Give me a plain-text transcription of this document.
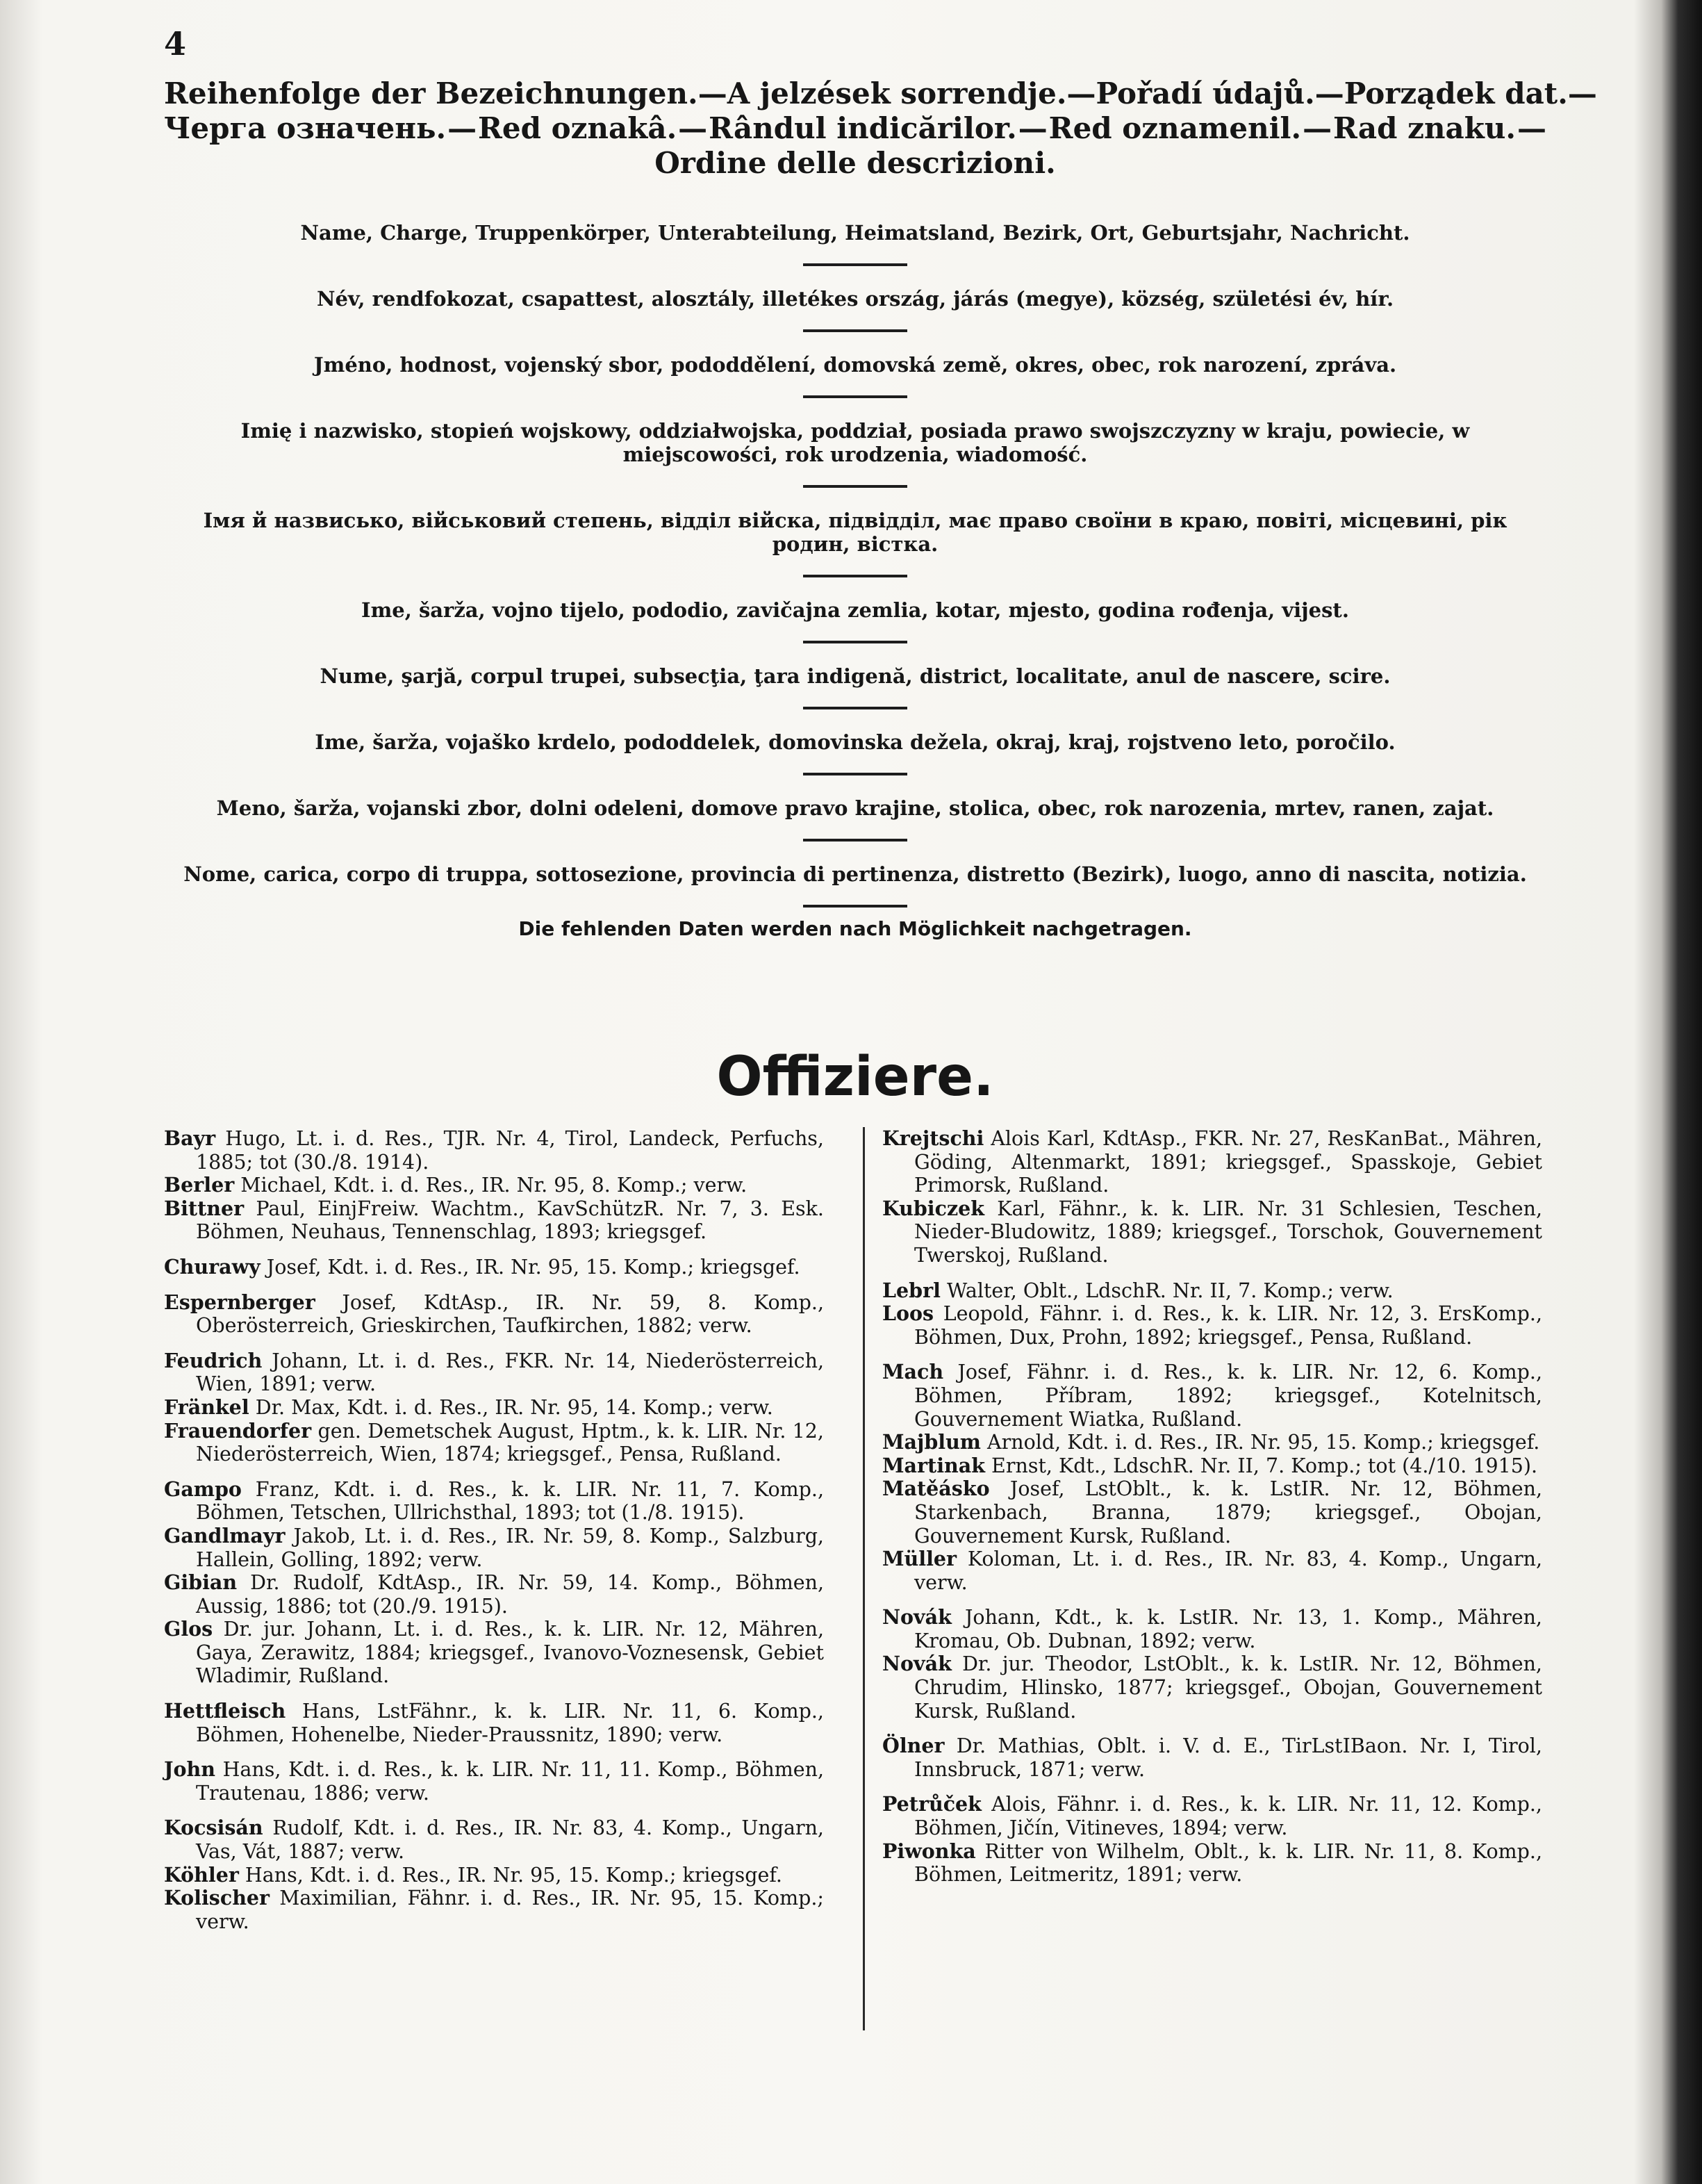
4
Reihenfolge der Bezeichnungen. — A jelzések sorrendje. — Pořadí údajů. — Porządek dat. —
Черга означень. — Red oznakâ. — Rândul indicărilor. — Red oznamenil. — Rad znaku. —
Ordine delle descrizioni.

Name, Charge, Truppenkörper, Unterabteilung, Heimatsland, Bezirk, Ort, Geburtsjahr, Nachricht.

Név, rendfokozat, csapattest, alosztály, illetékes ország, járás (megye), község, születési év, hír.

Jméno, hodnost, vojenský sbor, pododdělení, domovská země, okres, obec, rok narození, zpráva.

Imię i nazwisko, stopień wojskowy, oddziałwojska, poddział, posiada prawo swojszczyzny w kraju, powiecie, w miejscowości, rok urodzenia, wiadomość.

Імя й назвисько, військовий степень, відділ війска, підвідділ, має право своїни в краю, повіті, місцевині, рік родин, вістка.

Ime, šarža, vojno tijelo, pododio, zavičajna zemlia, kotar, mjesto, godina rođenja, vijest.

Nume, şarjă, corpul trupei, subsecţia, ţara indigenă, district, localitate, anul de nascere, scire.

Ime, šarža, vojaško krdelo, pododdelek, domovinska dežela, okraj, kraj, rojstveno leto, poročilo.

Meno, šarža, vojanski zbor, dolni odeleni, domove pravo krajine, stolica, obec, rok narozenia, mrtev, ranen, zajat.

Nome, carica, corpo di truppa, sottosezione, provincia di pertinenza, distretto (Bezirk), luogo, anno di nascita, notizia.

Die fehlenden Daten werden nach Möglichkeit nachgetragen.
Offiziere.

Bayr Hugo, Lt. i. d. Res., TJR. Nr. 4, Tirol, Landeck, Perfuchs, 1885; tot (30./8. 1914).

Berler Michael, Kdt. i. d. Res., IR. Nr. 95, 8. Komp.; verw.

Bittner Paul, EinjFreiw. Wachtm., KavSchützR. Nr. 7, 3. Esk. Böhmen, Neuhaus, Tennenschlag, 1893; kriegsgef.

Churawy Josef, Kdt. i. d. Res., IR. Nr. 95, 15. Komp.; kriegsgef.

Espernberger Josef, KdtAsp., IR. Nr. 59, 8. Komp., Oberösterreich, Grieskirchen, Taufkirchen, 1882; verw.

Feudrich Johann, Lt. i. d. Res., FKR. Nr. 14, Niederösterreich, Wien, 1891; verw.

Fränkel Dr. Max, Kdt. i. d. Res., IR. Nr. 95, 14. Komp.; verw.

Frauendorfer gen. Demetschek August, Hptm., k. k. LIR. Nr. 12, Niederösterreich, Wien, 1874; kriegsgef., Pensa, Rußland.

Gampo Franz, Kdt. i. d. Res., k. k. LIR. Nr. 11, 7. Komp., Böhmen, Tetschen, Ullrichsthal, 1893; tot (1./8. 1915).

Gandlmayr Jakob, Lt. i. d. Res., IR. Nr. 59, 8. Komp., Salzburg, Hallein, Golling, 1892; verw.

Gibian Dr. Rudolf, KdtAsp., IR. Nr. 59, 14. Komp., Böhmen, Aussig, 1886; tot (20./9. 1915).

Glos Dr. jur. Johann, Lt. i. d. Res., k. k. LIR. Nr. 12, Mähren, Gaya, Zerawitz, 1884; kriegsgef., Ivanovo-Voznesensk, Gebiet Wladimir, Rußland.

Hettfleisch Hans, LstFähnr., k. k. LIR. Nr. 11, 6. Komp., Böhmen, Hohenelbe, Nieder-Praussnitz, 1890; verw.

John Hans, Kdt. i. d. Res., k. k. LIR. Nr. 11, 11. Komp., Böhmen, Trautenau, 1886; verw.

Kocsisán Rudolf, Kdt. i. d. Res., IR. Nr. 83, 4. Komp., Ungarn, Vas, Vát, 1887; verw.

Köhler Hans, Kdt. i. d. Res., IR. Nr. 95, 15. Komp.; kriegsgef.

Kolischer Maximilian, Fähnr. i. d. Res., IR. Nr. 95, 15. Komp.; verw.

Krejtschi Alois Karl, KdtAsp., FKR. Nr. 27, ResKanBat., Mähren, Göding, Altenmarkt, 1891; kriegsgef., Spasskoje, Gebiet Primorsk, Rußland.

Kubiczek Karl, Fähnr., k. k. LIR. Nr. 31 Schlesien, Teschen, Nieder-Bludowitz, 1889; kriegsgef., Torschok, Gouvernement Twerskoj, Rußland.

Lebrl Walter, Oblt., LdschR. Nr. II, 7. Komp.; verw.

Loos Leopold, Fähnr. i. d. Res., k. k. LIR. Nr. 12, 3. ErsKomp., Böhmen, Dux, Prohn, 1892; kriegsgef., Pensa, Rußland.

Mach Josef, Fähnr. i. d. Res., k. k. LIR. Nr. 12, 6. Komp., Böhmen, Příbram, 1892; kriegsgef., Kotelnitsch, Gouvernement Wiatka, Rußland.

Majblum Arnold, Kdt. i. d. Res., IR. Nr. 95, 15. Komp.; kriegsgef.

Martinak Ernst, Kdt., LdschR. Nr. II, 7. Komp.; tot (4./10. 1915).

Matěásko Josef, LstOblt., k. k. LstIR. Nr. 12, Böhmen, Starkenbach, Branna, 1879; kriegsgef., Obojan, Gouvernement Kursk, Rußland.

Müller Koloman, Lt. i. d. Res., IR. Nr. 83, 4. Komp., Ungarn, verw.

Novák Johann, Kdt., k. k. LstIR. Nr. 13, 1. Komp., Mähren, Kromau, Ob. Dubnan, 1892; verw.

Novák Dr. jur. Theodor, LstOblt., k. k. LstIR. Nr. 12, Böhmen, Chrudim, Hlinsko, 1877; kriegsgef., Obojan, Gouvernement Kursk, Rußland.

Ölner Dr. Mathias, Oblt. i. V. d. E., TirLstIBaon. Nr. I, Tirol, Innsbruck, 1871; verw.

Petrůček Alois, Fähnr. i. d. Res., k. k. LIR. Nr. 11, 12. Komp., Böhmen, Jičín, Vitineves, 1894; verw.

Piwonka Ritter von Wilhelm, Oblt., k. k. LIR. Nr. 11, 8. Komp., Böhmen, Leitmeritz, 1891; verw.
